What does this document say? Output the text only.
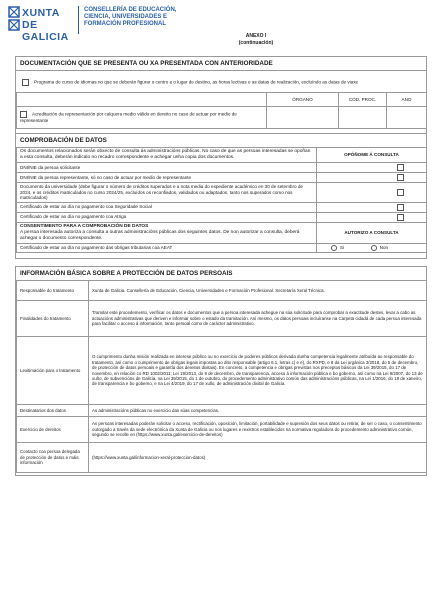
XUNTA
DE GALICIA
CONSELLERÍA DE EDUCACIÓN,
CIENCIA, UNIVERSIDADES E
FORMACIÓN PROFESIONAL
ANEXO I
(continuación)
DOCUMENTACIÓN QUE SE PRESENTA OU XA PRESENTADA CON ANTERIORIDADE
Programa do curso de idiomas no que se deberán figurar o centro e o lugar de destino, as horas lectivas e as datas de realización, excluíndo as datas de viaxe
	ÓRGANO	CÓD. PROC.	ANO
Acreditación da representación por calquera medio válido en dereito no caso de actuar por medio de representante			
COMPROBACIÓN DE DATOS
Os documentos relacionados serán obxecto de consulta ás administracións públicas. No caso de que as persoas interesadas se opoñan a esta consulta, deberán indicalo no recadro correspondente e achegar unha copia dos documentos.	OPÓÑOME Á CONSULTA
DNI/NIE da persoa solicitante	
DNI/NIE da persoa representante, só no caso de actuar por medio de representante	
Documento da universidade (debe figurar o número de créditos superados e a nota media do expediente académico en 30 de setembro de 2024, e os créditos matriculados no curso 2024/25, excluídos os reconfiados, validados ou adaptados, tanto nos superados como nos matriculados)	
Certificado de estar ao día no pagamento coa Seguridade Social	
Certificado de estar ao día no pagamento coa Atriga	

CONSENTIMENTO PARA A COMPROBACIÓN DE DATOS
A persoa interesada autoriza a consulta a outras administracións públicas dos seguintes datos. De non autorizar a consulta, deberá achegar o documento correspondente.	AUTORIZO A CONSULTA
Certificado de estar ao día no pagamento das obrigas tributarias coa AEAT	Si Non
INFORMACIÓN BÁSICA SOBRE A PROTECCIÓN DE DATOS PERSOAIS
Responsable do tratamento	Xunta de Galicia. Consellería de Educación, Ciencia, Universidades e Formación Profesional. Secretaría Xeral Técnica.
Finalidades do tratamento	Tramitar este procedemento, verificar os datos e documentos que a persoa interesada achegue na súa solicitude para comprobar a exactitude destes, levar a cabo as actuacións administrativas que deriven e informar sobre o estado da tramitación. Así mesmo, os datos persoais incluíranse na Carpeta cidadá de cada persoa interesada para facilitar o acceso á información, tanto persoal como de carácter administrativo.
Lexitimación para o tratamento	O cumprimento dunha misión realizada en interese público ou no exercicio de poderes públicos derivada dunha competencia legalmente atribuída ao responsable do tratamento, así como o cumprimento de obrigas legais impostas ao dito responsable (artigo 6.1, letras c) e e), do RXPD, e 8 da Lei orgánica 3/2018, do 5 de decembro, de protección de datos persoais e garantía dos dereitos dixitais). En concreto, a competencia e obrigas previstas nos preceptos básicos da Lei 39/2015, do 17 de novembro, en relación co RD 1002/2011; Lei 19/2013, do 9 de decembro, de transparencia, acceso á información pública e bo goberno, así como na Lei 9/2007, do 13 de xuño, de subvencións de Galicia, na Lei 39/2015, do 1 de outubro, do procedemento administrativo común das administracións públicas, na Lei 1/2016, do 18 de xaneiro, de transparencia e bo goberno, e na Lei 4/2019, do 17 de xullo, de administración dixital de Galicia.
Destinatarios dos datos	As administracións públicas no exercicio das súas competencias.
Exercicio de dereitos	As persoas interesadas poderán solicitar o acceso, rectificación, oposición, limitación, portabilidade e supresión dos seus datos ou retirar, de ser o caso, o consentimento outorgado a través da sede electrónica da Xunta de Galicia ou nos lugares e rexistros establecidos na normativa reguladora do procedemento administrativo común, segundo se recolle en (https://www.xunta.gal/exercicio-de-dereitos)
Contacto coa persoa delegada de protección de datos e máis información	(https://www.xunta.gal/informacion-xeral-proteccion-datos)
